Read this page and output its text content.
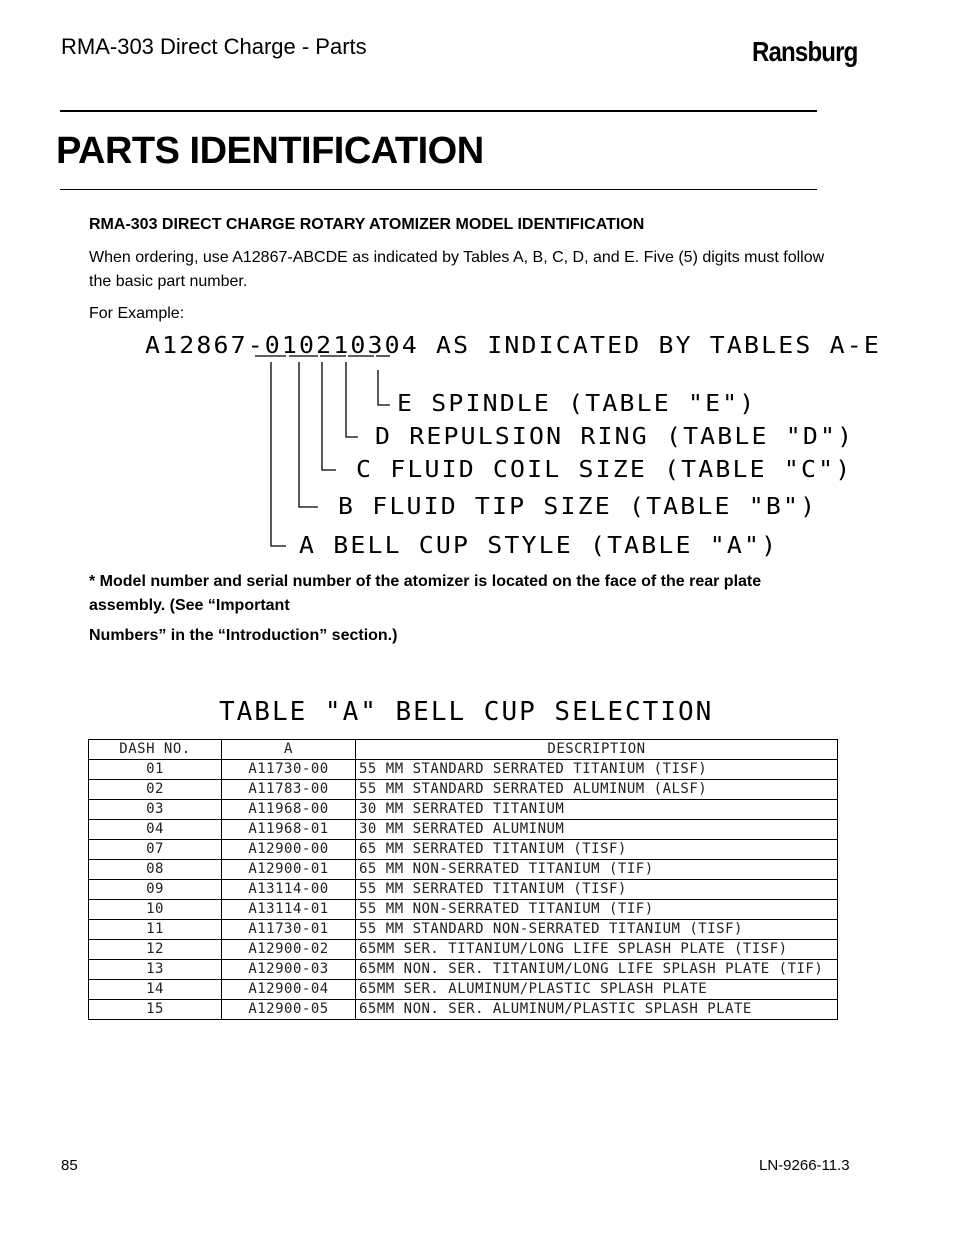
RMA-303 Direct Charge - Parts	Ransburg
PARTS IDENTIFICATION
RMA-303 DIRECT CHARGE ROTARY ATOMIZER MODEL IDENTIFICATION
When ordering, use A12867-ABCDE as indicated by Tables A, B, C, D, and E. Five (5) digits must follow the basic part number.
For Example:
A12867-010210304 AS INDICATED BY TABLES A-E
E SPINDLE (TABLE "E")
D REPULSION RING (TABLE "D")
C FLUID COIL SIZE (TABLE "C")
B FLUID TIP SIZE (TABLE "B")
A BELL CUP STYLE (TABLE "A")
* Model number and serial number of the atomizer is located on the face of the rear plate assembly. (See “Important
Numbers” in the “Introduction” section.)
TABLE "A" BELL CUP SELECTION
DASH NO.	A	DESCRIPTION
01	A11730-00	55 MM STANDARD SERRATED TITANIUM (TISF)
02	A11783-00	55 MM STANDARD SERRATED ALUMINUM (ALSF)
03	A11968-00	30 MM SERRATED TITANIUM
04	A11968-01	30 MM SERRATED ALUMINUM
07	A12900-00	65 MM SERRATED TITANIUM (TISF)
08	A12900-01	65 MM NON-SERRATED TITANIUM (TIF)
09	A13114-00	55 MM SERRATED TITANIUM (TISF)
10	A13114-01	55 MM NON-SERRATED TITANIUM (TIF)
11	A11730-01	55 MM STANDARD NON-SERRATED TITANIUM (TISF)
12	A12900-02	65MM SER. TITANIUM/LONG LIFE SPLASH PLATE (TISF)
13	A12900-03	65MM NON. SER. TITANIUM/LONG LIFE SPLASH PLATE (TIF)
14	A12900-04	65MM SER. ALUMINUM/PLASTIC SPLASH PLATE
15	A12900-05	65MM NON. SER. ALUMINUM/PLASTIC SPLASH PLATE
85	LN-9266-11.3
